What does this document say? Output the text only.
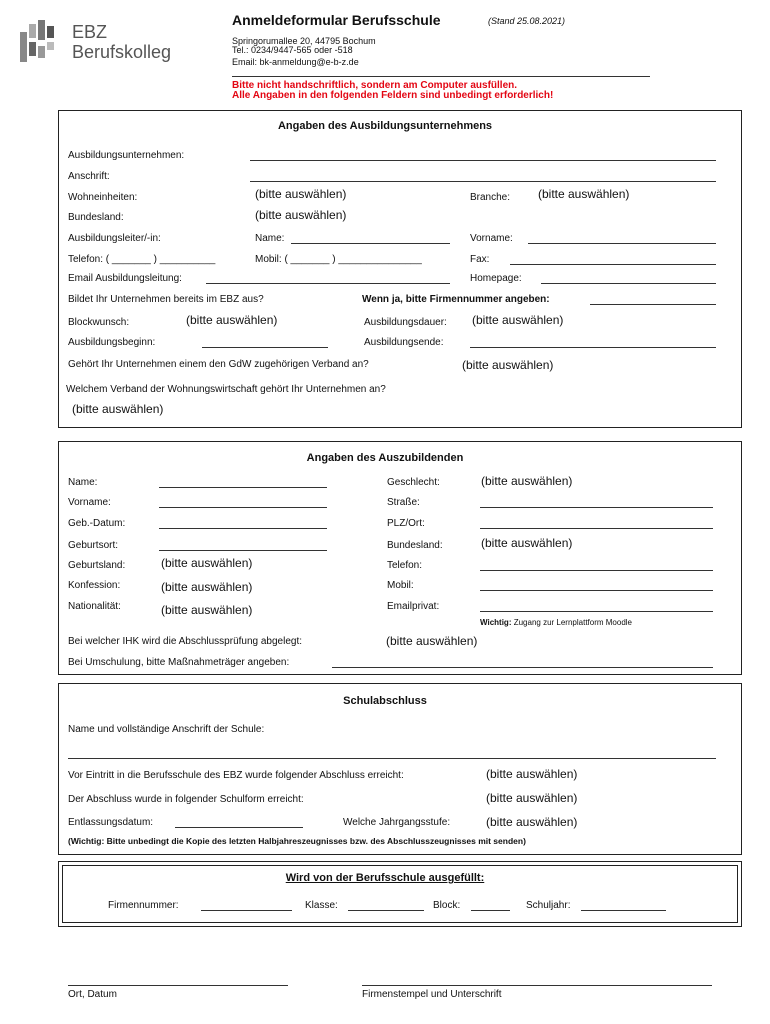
EBZ
Berufskolleg
Anmeldeformular Berufsschule	(Stand 25.08.2021)
Springorumallee 20, 44795 Bochum
Tel.: 0234/9447-565 oder -518
Email: bk-anmeldung@e-b-z.de
Bitte nicht handschriftlich, sondern am Computer ausfüllen.
Alle Angaben in den folgenden Feldern sind unbedingt erforderlich!
Angaben des Ausbildungsunternehmens
Ausbildungsunternehmen:
Anschrift:
Wohneinheiten:	(bitte auswählen)	Branche: (bitte auswählen)
Bundesland:	(bitte auswählen)
Ausbildungsleiter/-in:	Name:	Vorname:
Telefon: ( _______ ) __________	Mobil: ( _______ ) _______________	Fax:
Email Ausbildungsleitung:	Homepage:
Bildet Ihr Unternehmen bereits im EBZ aus?	Wenn ja, bitte Firmennummer angeben:
Blockwunsch:	(bitte auswählen)	Ausbildungsdauer: (bitte auswählen)
Ausbildungsbeginn:	Ausbildungsende:
Gehört Ihr Unternehmen einem den GdW zugehörigen Verband an?	(bitte auswählen)
Welchem Verband der Wohnungswirtschaft gehört Ihr Unternehmen an?
(bitte auswählen)
Angaben des Auszubildenden
Name:
Vorname:
Geb.-Datum:
Geburtsort:
Geburtsland:	(bitte auswählen)
Konfession:	(bitte auswählen)
Nationalität:	(bitte auswählen)
Geschlecht:	(bitte auswählen)
Straße:
PLZ/Ort:
Bundesland:	(bitte auswählen)
Telefon:
Mobil:
Emailprivat:
Wichtig: Zugang zur Lernplattform Moodle
Bei welcher IHK wird die Abschlussprüfung abgelegt:	(bitte auswählen)
Bei Umschulung, bitte Maßnahmeträger angeben:
Schulabschluss
Name und vollständige Anschrift der Schule:
Vor Eintritt in die Berufsschule des EBZ wurde folgender Abschluss erreicht:	(bitte auswählen)
Der Abschluss wurde in folgender Schulform erreicht:	(bitte auswählen)
Entlassungsdatum:	Welche Jahrgangsstufe:	(bitte auswählen)
(Wichtig: Bitte unbedingt die Kopie des letzten Halbjahreszeugnisses bzw. des Abschlusszeugnisses mit senden)
Wird von der Berufsschule ausgefüllt:
Firmennummer:	Klasse:	Block:	Schuljahr:
Ort, Datum	Firmenstempel und Unterschrift
